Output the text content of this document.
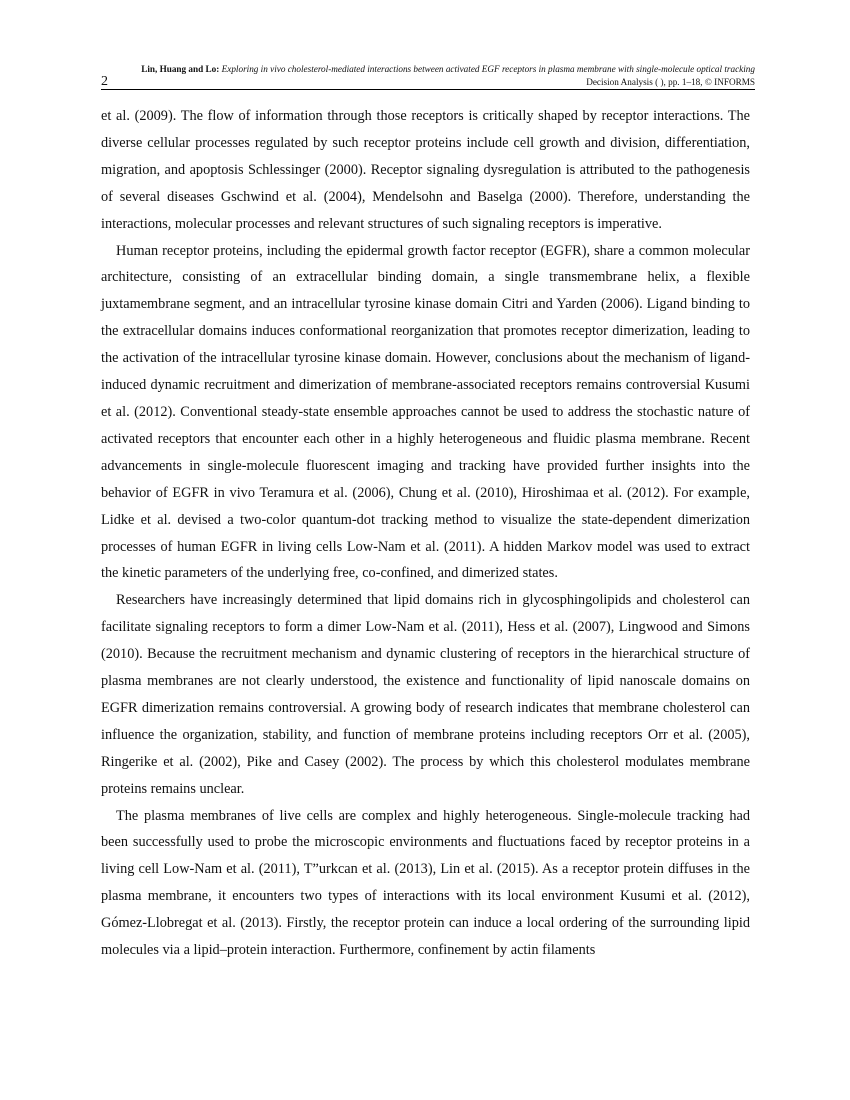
Lin, Huang and Lo: Exploring in vivo cholesterol-mediated interactions between activated EGF receptors in plasma membrane with single-molecule optical tracking
2	Decision Analysis ( ), pp. 1–18, © INFORMS

et al. (2009). The flow of information through those receptors is critically shaped by receptor interactions. The diverse cellular processes regulated by such receptor proteins include cell growth and division, differentiation, migration, and apoptosis Schlessinger (2000). Receptor signaling dysregulation is attributed to the pathogenesis of several diseases Gschwind et al. (2004), Mendelsohn and Baselga (2000). Therefore, understanding the interactions, molecular processes and relevant structures of such signaling receptors is imperative.

Human receptor proteins, including the epidermal growth factor receptor (EGFR), share a common molecular architecture, consisting of an extracellular binding domain, a single transmembrane helix, a flexible juxtamembrane segment, and an intracellular tyrosine kinase domain Citri and Yarden (2006). Ligand binding to the extracellular domains induces conformational reorganization that promotes receptor dimerization, leading to the activation of the intracellular tyrosine kinase domain. However, conclusions about the mechanism of ligand-induced dynamic recruitment and dimerization of membrane-associated receptors remains controversial Kusumi et al. (2012). Conventional steady-state ensemble approaches cannot be used to address the stochastic nature of activated receptors that encounter each other in a highly heterogeneous and fluidic plasma membrane. Recent advancements in single-molecule fluorescent imaging and tracking have provided further insights into the behavior of EGFR in vivo Teramura et al. (2006), Chung et al. (2010), Hiroshimaa et al. (2012). For example, Lidke et al. devised a two-color quantum-dot tracking method to visualize the state-dependent dimerization processes of human EGFR in living cells Low-Nam et al. (2011). A hidden Markov model was used to extract the kinetic parameters of the underlying free, co-confined, and dimerized states.

Researchers have increasingly determined that lipid domains rich in glycosphingolipids and cholesterol can facilitate signaling receptors to form a dimer Low-Nam et al. (2011), Hess et al. (2007), Lingwood and Simons (2010). Because the recruitment mechanism and dynamic clustering of receptors in the hierarchical structure of plasma membranes are not clearly understood, the existence and functionality of lipid nanoscale domains on EGFR dimerization remains controversial. A growing body of research indicates that membrane cholesterol can influence the organization, stability, and function of membrane proteins including receptors Orr et al. (2005), Ringerike et al. (2002), Pike and Casey (2002). The process by which this cholesterol modulates membrane proteins remains unclear.

The plasma membranes of live cells are complex and highly heterogeneous. Single-molecule tracking had been successfully used to probe the microscopic environments and fluctuations faced by receptor proteins in a living cell Low-Nam et al. (2011), T”urkcan et al. (2013), Lin et al. (2015). As a receptor protein diffuses in the plasma membrane, it encounters two types of interactions with its local environment Kusumi et al. (2012), Gómez-Llobregat et al. (2013). Firstly, the receptor protein can induce a local ordering of the surrounding lipid molecules via a lipid–protein interaction. Furthermore, confinement by actin filaments
